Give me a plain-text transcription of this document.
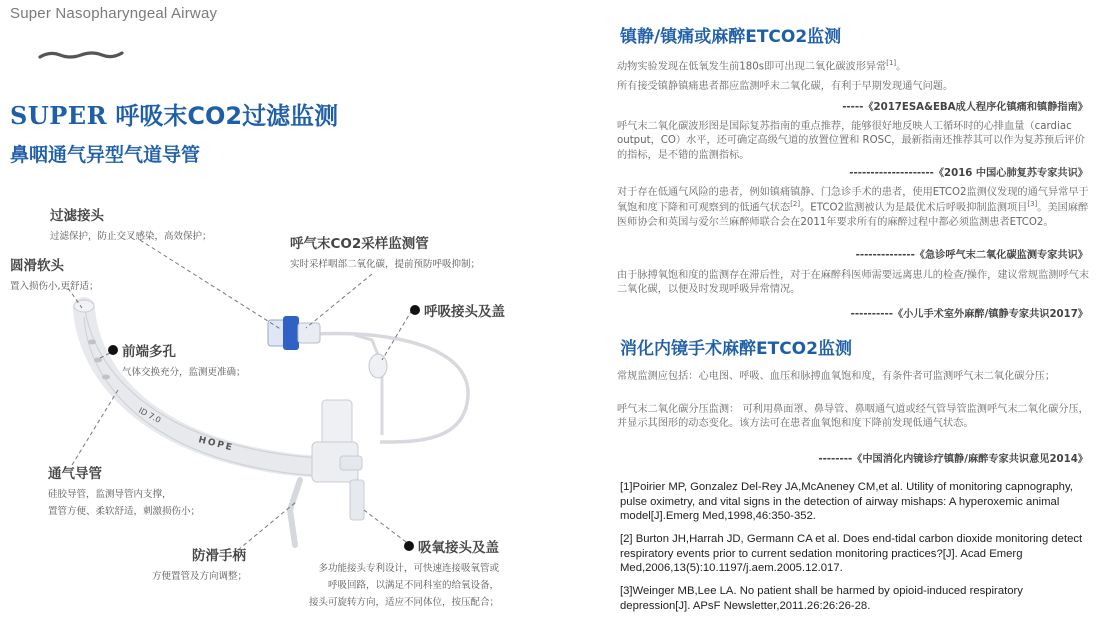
Super Nasopharyngeal Airway
SUPER 呼吸末CO2过滤监测
鼻咽通气异型气道导管
ID 7.0
HOPE
过滤接头
过滤保护，防止交叉感染，高效保护；
圆滑软头
置入损伤小,更舒适；
呼气末CO2采样监测管
实时采样咽部二氧化碳，提前预防呼吸抑制；
呼吸接头及盖
前端多孔
气体交换充分，监测更准确；
通气导管
硅胶导管，监测导管内支撑，
置管方便、柔软舒适，刺激损伤小；
防滑手柄
方便置管及方向调整；
吸氧接头及盖
多功能接头专利设计，可快速连接吸氧管或
呼吸回路，以满足不同科室的给氧设备，
接头可旋转方向，适应不同体位，按压配合；
镇静/镇痛或麻醉ETCO2监测
动物实验发现在低氧发生前180s即可出现二氧化碳波形异常[1]。
所有接受镇静镇痛患者都应监测呼末二氧化碳，有利于早期发现通气问题。
-----《2017ESA&EBA成人程序化镇痛和镇静指南》
呼气末二氧化碳波形图是国际复苏指南的重点推荐，能够很好地反映人工循环时的心排血量（cardiac output，CO）水平，还可确定高级气道的放置位置和 ROSC，最新指南还推荐其可以作为复苏预后评价的指标，是不错的监测指标。
--------------------《2016 中国心肺复苏专家共识》
对于存在低通气风险的患者，例如镇痛镇静、门急诊手术的患者，使用ETCO2监测仪发现的通气异常早于氧饱和度下降和可观察到的低通气状态[2]。ETCO2监测被认为是最优术后呼吸抑制监测项目[3]。美国麻醉医师协会和英国与爱尔兰麻醉师联合会在2011年要求所有的麻醉过程中都必须监测患者ETCO2。
--------------《急诊呼气末二氧化碳监测专家共识》
由于脉搏氧饱和度的监测存在滞后性，对于在麻醉科医师需要远离患儿的检查/操作，建议常规监测呼气末二氧化碳，以便及时发现呼吸异常情况。
----------《小儿手术室外麻醉/镇静专家共识2017》
消化内镜手术麻醉ETCO2监测
常规监测应包括：心电图、呼吸、血压和脉搏血氧饱和度，有条件者可监测呼气末二氧化碳分压；
呼气末二氧化碳分压监测： 可利用鼻面罩、鼻导管、鼻咽通气道或经气管导管监测呼气末二氧化碳分压，并显示其图形的动态变化。该方法可在患者血氧饱和度下降前发现低通气状态。
--------《中国消化内镜诊疗镇静/麻醉专家共识意见2014》
[1]Poirier MP, Gonzalez Del-Rey JA,McAneney CM,et al. Utility of monitoring capnography, pulse oximetry, and vital signs in the detection of airway mishaps: A hyperoxemic animal model[J].Emerg Med,1998,46:350-352.
[2] Burton JH,Harrah JD, Germann CA et al. Does end-tidal carbon dioxide monitoring detect respiratory events prior to current sedation monitoring practices?[J]. Acad Emerg Med,2006,13(5):10.1197/j.aem.2005.12.017.
[3]Weinger MB,Lee LA. No patient shall be harmed by opioid-induced respiratory depression[J]. APsF Newsletter,2011.26:26:26-28.
